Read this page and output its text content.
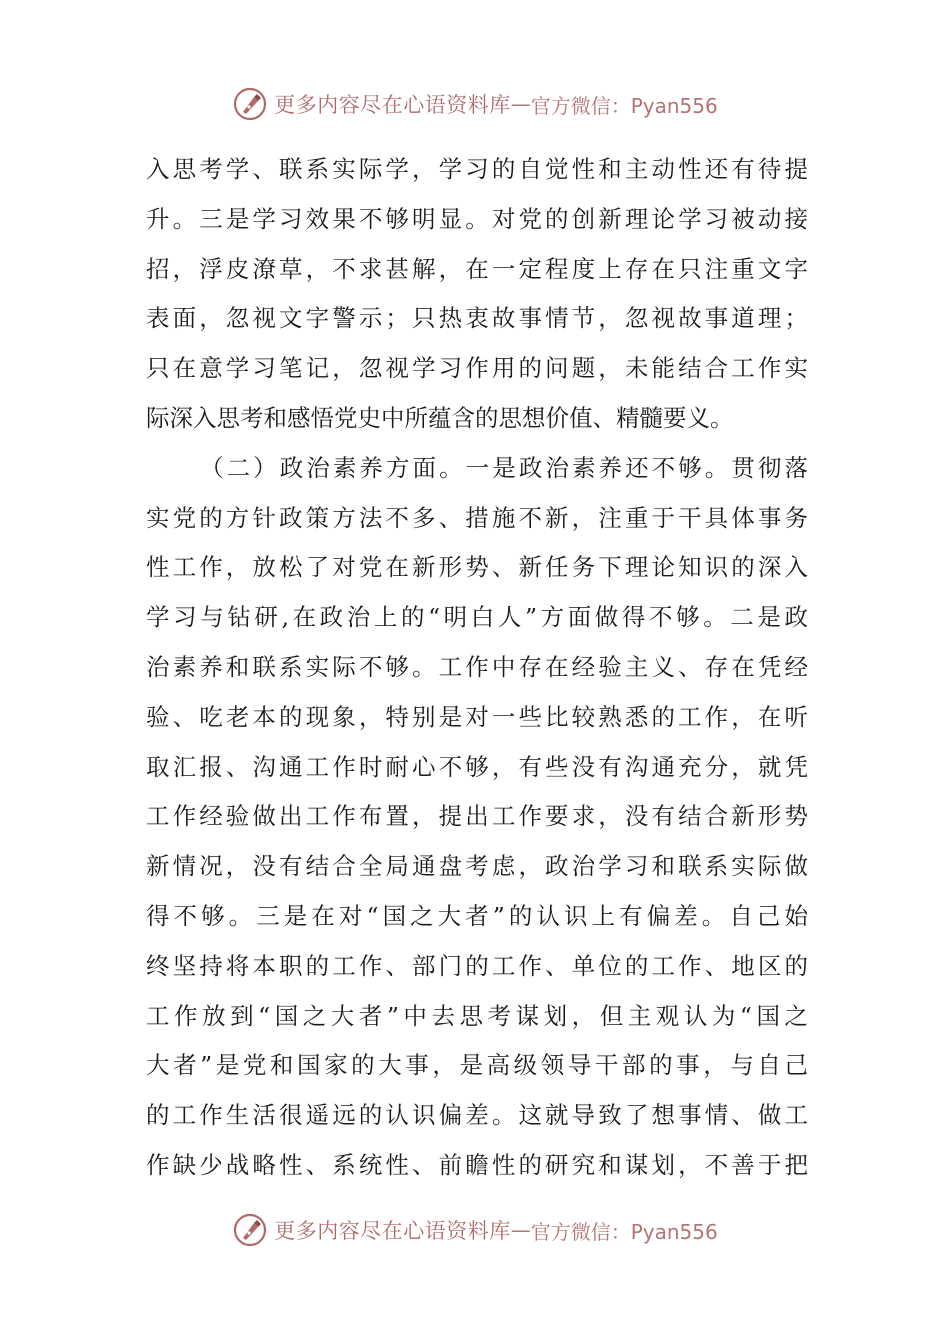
更多内容尽在心语资料库 — 官方微信：Pyan556
入思考学、联系实际学，学习的自觉性和主动性还有待提
升。三是学习效果不够明显。对党的创新理论学习被动接
招，浮皮潦草，不求甚解，在一定程度上存在只注重文字
表面，忽视文字警示；只热衷故事情节，忽视故事道理；
只在意学习笔记，忽视学习作用的问题，未能结合工作实
际深入思考和感悟党史中所蕴含的思想价值、精髓要义。
（二）政治素养方面。一是政治素养还不够。贯彻落
实党的方针政策方法不多、措施不新，注重于干具体事务
性工作，放松了对党在新形势、新任务下理论知识的深入
学习与钻研,在政治上的“明白人”方面做得不够。二是政
治素养和联系实际不够。工作中存在经验主义、存在凭经
验、吃老本的现象，特别是对一些比较熟悉的工作，在听
取汇报、沟通工作时耐心不够，有些没有沟通充分，就凭
工作经验做出工作布置，提出工作要求，没有结合新形势
新情况，没有结合全局通盘考虑，政治学习和联系实际做
得不够。三是在对“国之大者”的认识上有偏差。自己始
终坚持将本职的工作、部门的工作、单位的工作、地区的
工作放到“国之大者”中去思考谋划，但主观认为“国之
大者”是党和国家的大事，是高级领导干部的事，与自己
的工作生活很遥远的认识偏差。这就导致了想事情、做工
作缺少战略性、系统性、前瞻性的研究和谋划，不善于把
更多内容尽在心语资料库 — 官方微信：Pyan556
